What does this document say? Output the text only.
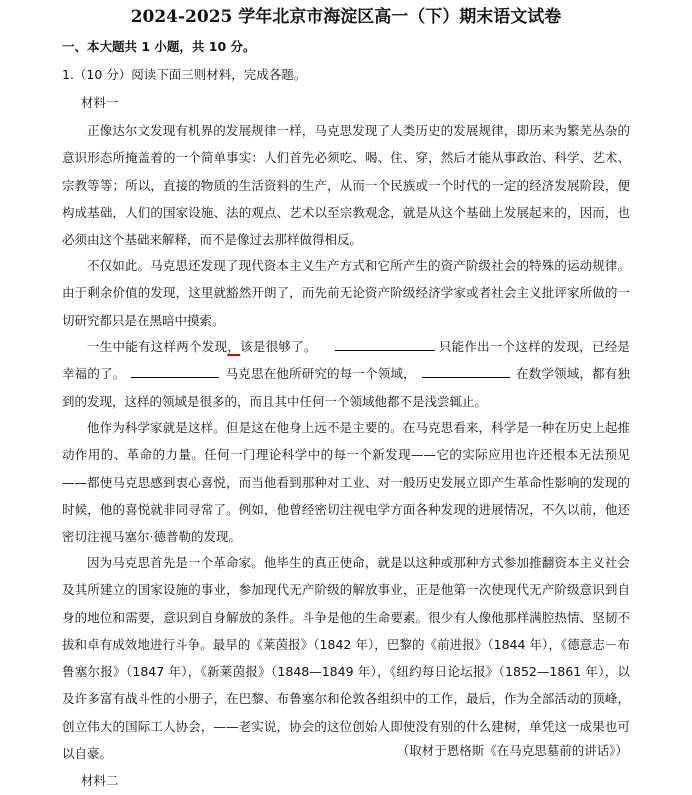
2024-2025 学年北京市海淀区高一（下）期末语文试卷
一、本大题共 1 小题，共 10 分。
1.（10 分）阅读下面三则材料，完成各题。
材料一

正像达尔文发现有机界的发展规律一样，马克思发现了人类历史的发展规律，即历来为繁芜丛杂的意识形态所掩盖着的一个简单事实：人们首先必须吃、喝、住、穿，然后才能从事政治、科学、艺术、宗教等等；所以，直接的物质的生活资料的生产，从而一个民族或一个时代的一定的经济发展阶段，便构成基础，人们的国家设施、法的观点、艺术以至宗教观念，就是从这个基础上发展起来的，因而，也必须由这个基础来解释，而不是像过去那样做得相反。

不仅如此。马克思还发现了现代资本主义生产方式和它所产生的资产阶级社会的特殊的运动规律。由于剩余价值的发现，这里就豁然开朗了，而先前无论资产阶级经济学家或者社会主义批评家所做的一切研究都只是在黑暗中摸索。

一生中能有这样两个发现，该是很够了。	只能作出一个这样的发现，已经是幸福的了。	马克思在他所研究的每一个领域，	在数学领域，都有独到的发现，这样的领域是很多的，而且其中任何一个领域他都不是浅尝辄止。

他作为科学家就是这样。但是这在他身上远不是主要的。在马克思看来，科学是一种在历史上起推动作用的、革命的力量。任何一门理论科学中的每一个新发现——它的实际应用也许还根本无法预见——都使马克思感到衷心喜悦，而当他看到那种对工业、对一般历史发展立即产生革命性影响的发现的时候，他的喜悦就非同寻常了。例如，他曾经密切注视电学方面各种发现的进展情况，不久以前，他还密切注视马塞尔·德普勒的发现。

因为马克思首先是一个革命家。他毕生的真正使命，就是以这种或那种方式参加推翻资本主义社会及其所建立的国家设施的事业，参加现代无产阶级的解放事业，正是他第一次使现代无产阶级意识到自身的地位和需要，意识到自身解放的条件。斗争是他的生命要素。很少有人像他那样满腔热情、坚韧不拔和卓有成效地进行斗争。最早的《莱茵报》（1842 年），巴黎的《前进报》（1844 年），《德意志－布鲁塞尔报》（1847 年），《新莱茵报》（1848—1849 年），《纽约每日论坛报》（1852—1861 年），以及许多富有战斗性的小册子，在巴黎、布鲁塞尔和伦敦各组织中的工作，最后，作为全部活动的顶峰，创立伟大的国际工人协会，——老实说，协会的这位创始人即使没有别的什么建树，单凭这一成果也可以自豪。	（取材于恩格斯《在马克思墓前的讲话》）
材料二
